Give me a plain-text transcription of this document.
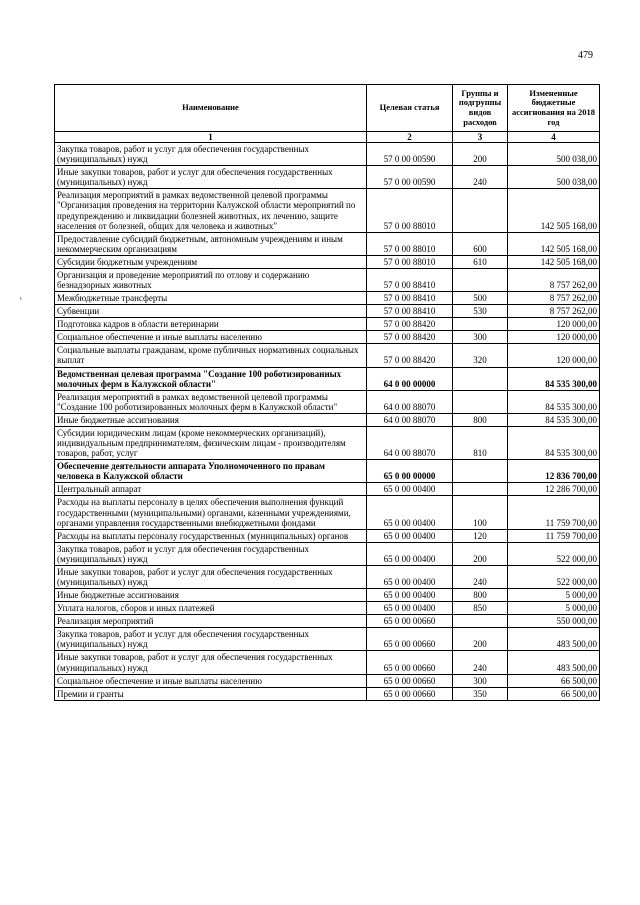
479
'
Наименование	Целевая статья	Группы и подгруппы видов расходов	Измененные бюджетные ассигнования на 2018 год
1	2	3	4
Закупка товаров, работ и услуг для обеспечения государственных (муниципальных) нужд	57 0 00 00590	200	500 038,00
Иные закупки товаров, работ и услуг для обеспечения государственных (муниципальных) нужд	57 0 00 00590	240	500 038,00
Реализация мероприятий в рамках ведомственной целевой программы "Организация проведения на территории Калужской области мероприятий по предупреждению и ликвидации болезней животных, их лечению, защите населения от болезней, общих для человека и животных"	57 0 00 88010		142 505 168,00
Предоставление субсидий бюджетным, автономным учреждениям и иным некоммерческим организациям	57 0 00 88010	600	142 505 168,00
Субсидии бюджетным учреждениям	57 0 00 88010	610	142 505 168,00
Организация и проведение мероприятий по отлову и содержанию безнадзорных животных	57 0 00 88410		8 757 262,00
Межбюджетные трансферты	57 0 00 88410	500	8 757 262,00
Субвенции	57 0 00 88410	530	8 757 262,00
Подготовка кадров в области ветеринарии	57 0 00 88420		120 000,00
Социальное обеспечение и иные выплаты населению	57 0 00 88420	300	120 000,00
Социальные выплаты гражданам, кроме публичных нормативных социальных выплат	57 0 00 88420	320	120 000,00
Ведомственная целевая программа "Создание 100 роботизированных молочных ферм в Калужской области"	64 0 00 00000		84 535 300,00
Реализация мероприятий в рамках ведомственной целевой программы "Создание 100 роботизированных молочных ферм в Калужской области"	64 0 00 88070		84 535 300,00
Иные бюджетные ассигнования	64 0 00 88070	800	84 535 300,00
Субсидии юридическим лицам (кроме некоммерческих организаций), индивидуальным предпринимателям, физическим лицам - производителям товаров, работ, услуг	64 0 00 88070	810	84 535 300,00
Обеспечение деятельности аппарата Уполномоченного по правам человека в Калужской области	65 0 00 00000		12 836 700,00
Центральный аппарат	65 0 00 00400		12 286 700,00
Расходы на выплаты персоналу в целях обеспечения выполнения функций государственными (муниципальными) органами, казенными учреждениями, органами управления государственными внебюджетными фондами	65 0 00 00400	100	11 759 700,00
Расходы на выплаты персоналу государственных (муниципальных) органов	65 0 00 00400	120	11 759 700,00
Закупка товаров, работ и услуг для обеспечения государственных (муниципальных) нужд	65 0 00 00400	200	522 000,00
Иные закупки товаров, работ и услуг для обеспечения государственных (муниципальных) нужд	65 0 00 00400	240	522 000,00
Иные бюджетные ассигнования	65 0 00 00400	800	5 000,00
Уплата налогов, сборов и иных платежей	65 0 00 00400	850	5 000,00
Реализация мероприятий	65 0 00 00660		550 000,00
Закупка товаров, работ и услуг для обеспечения государственных (муниципальных) нужд	65 0 00 00660	200	483 500,00
Иные закупки товаров, работ и услуг для обеспечения государственных (муниципальных) нужд	65 0 00 00660	240	483 500,00
Социальное обеспечение и иные выплаты населению	65 0 00 00660	300	66 500,00
Премии и гранты	65 0 00 00660	350	66 500,00
